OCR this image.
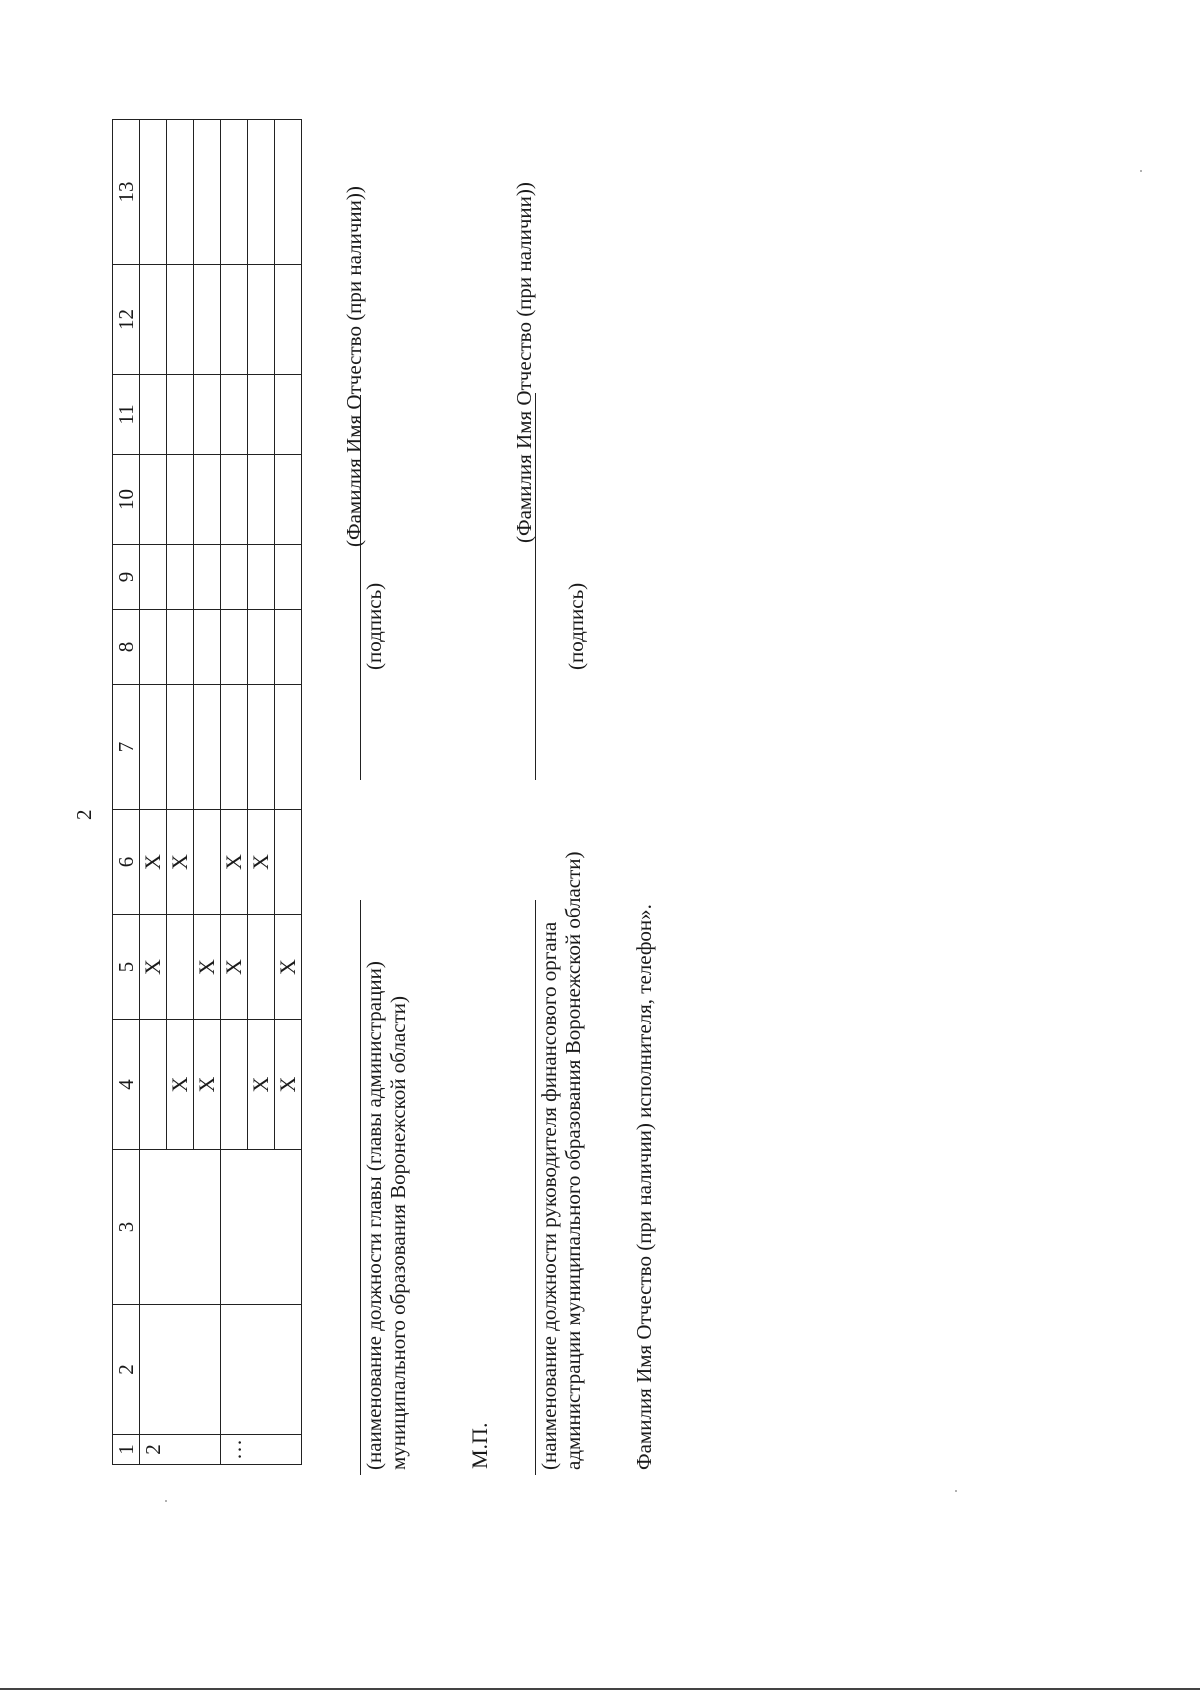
2
1	2	3	4	5	6	7	8	9	10	11	12	13
2				X	X							
			X		X							
			X	X								
…				X	X							
			X		X							
			X	X									(наименование должности главы (главы администрации) муниципального образования Воронежской области)
(подпись)
(Фамилия Имя Отчество (при наличии))
М.П. (наименование должности руководителя финансового органа администрации муниципального образования Воронежской области)
(подпись)
(Фамилия Имя Отчество (при наличии))
Фамилия Имя Отчество (при наличии) исполнителя, телефон».
